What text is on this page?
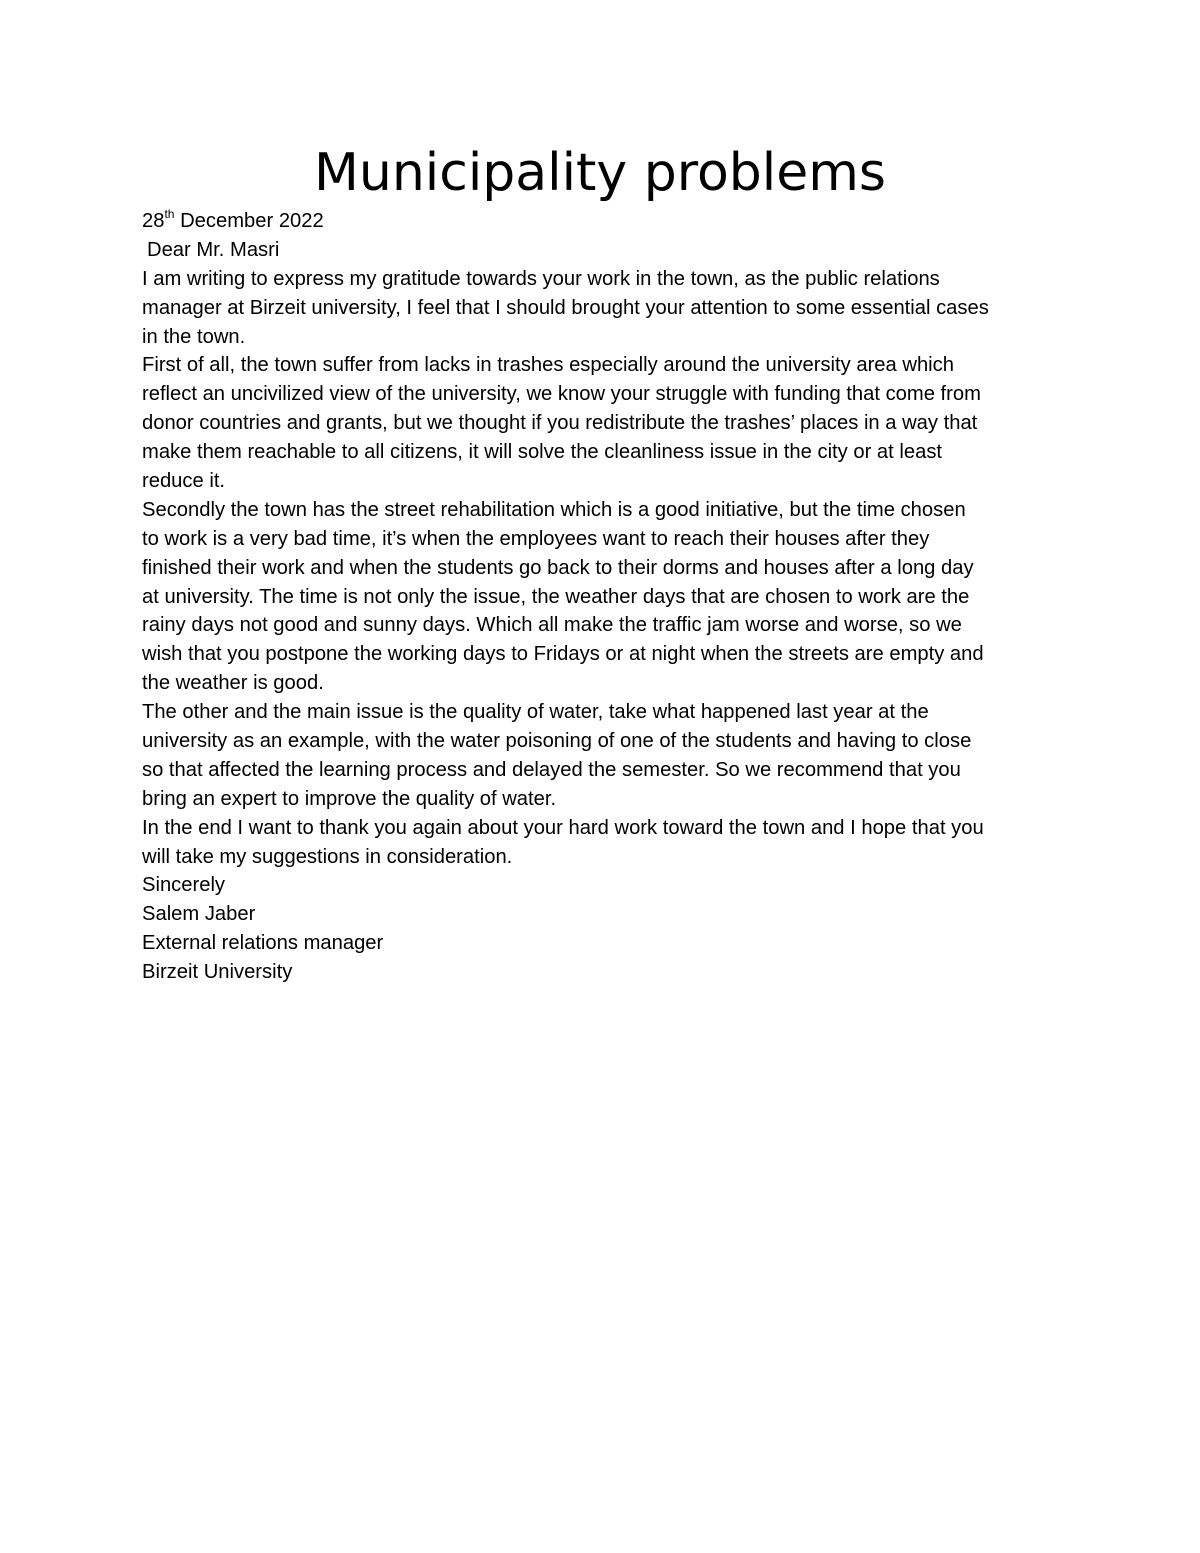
Municipality problems
28th December 2022
Dear Mr. Masri
I am writing to express my gratitude towards your work in the town, as the public relations
manager at Birzeit university, I feel that I should brought your attention to some essential cases
in the town.
First of all, the town suffer from lacks in trashes especially around the university area which
reflect an uncivilized view of the university, we know your struggle with funding that come from
donor countries and grants, but we thought if you redistribute the trashes’ places in a way that
make them reachable to all citizens, it will solve the cleanliness issue in the city or at least
reduce it.
Secondly the town has the street rehabilitation which is a good initiative, but the time chosen
to work is a very bad time, it’s when the employees want to reach their houses after they
finished their work and when the students go back to their dorms and houses after a long day
at university. The time is not only the issue, the weather days that are chosen to work are the
rainy days not good and sunny days. Which all make the traffic jam worse and worse, so we
wish that you postpone the working days to Fridays or at night when the streets are empty and
the weather is good.
The other and the main issue is the quality of water, take what happened last year at the
university as an example, with the water poisoning of one of the students and having to close
so that affected the learning process and delayed the semester. So we recommend that you
bring an expert to improve the quality of water.
In the end I want to thank you again about your hard work toward the town and I hope that you
will take my suggestions in consideration.
Sincerely
Salem Jaber
External relations manager
Birzeit University
